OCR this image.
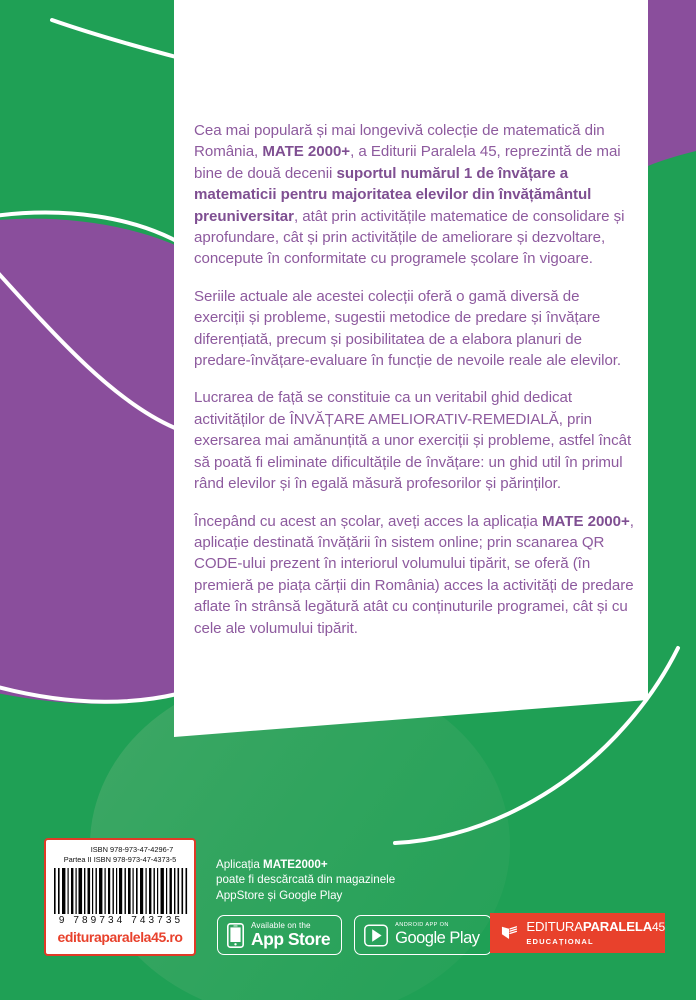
Cea mai populară și mai longevivă colecție de matematică din România, MATE 2000+, a Editurii Paralela 45, reprezintă de mai bine de două decenii suportul numărul 1 de învățare a matematicii pentru majoritatea elevilor din învățământul preuniversitar, atât prin activitățile matematice de consolidare și aprofundare, cât și prin activitățile de ameliorare și dezvoltare, concepute în conformitate cu programele școlare în vigoare.

Seriile actuale ale acestei colecții oferă o gamă diversă de exerciții și probleme, sugestii metodice de predare și învățare diferențiată, precum și posibilitatea de a elabora planuri de predare-învățare-evaluare în funcție de nevoile reale ale elevilor.

Lucrarea de față se constituie ca un veritabil ghid dedicat activităților de ÎNVĂȚARE AMELIORATIV-REMEDIALĂ, prin exersarea mai amănunțită a unor exerciții și probleme, astfel încât să poată fi eliminate dificultățile de învățare: un ghid util în primul rând elevilor și în egală măsură profesorilor și părinților.

Începând cu acest an școlar, aveți acces la aplicația MATE 2000+, aplicație destinată învățării în sistem online; prin scanarea QR CODE-ului prezent în interiorul volumului tipărit, se oferă (în premieră pe piața cărții din România) acces la activități de predare aflate în strânsă legătură atât cu conținuturile programei, cât și cu cele ale volumului tipărit.

ISBN 978-973-47-4296-7
Partea II ISBN 978-973-47-4373-5
9 789734 743735
edituraparalela45.ro
Aplicația MATE2000+
poate fi descărcată din magazinele
AppStore și Google Play
Available on the
App Store
ANDROID APP ON
Google Play
EDITURAPARALELA45
EDUCAȚIONAL
